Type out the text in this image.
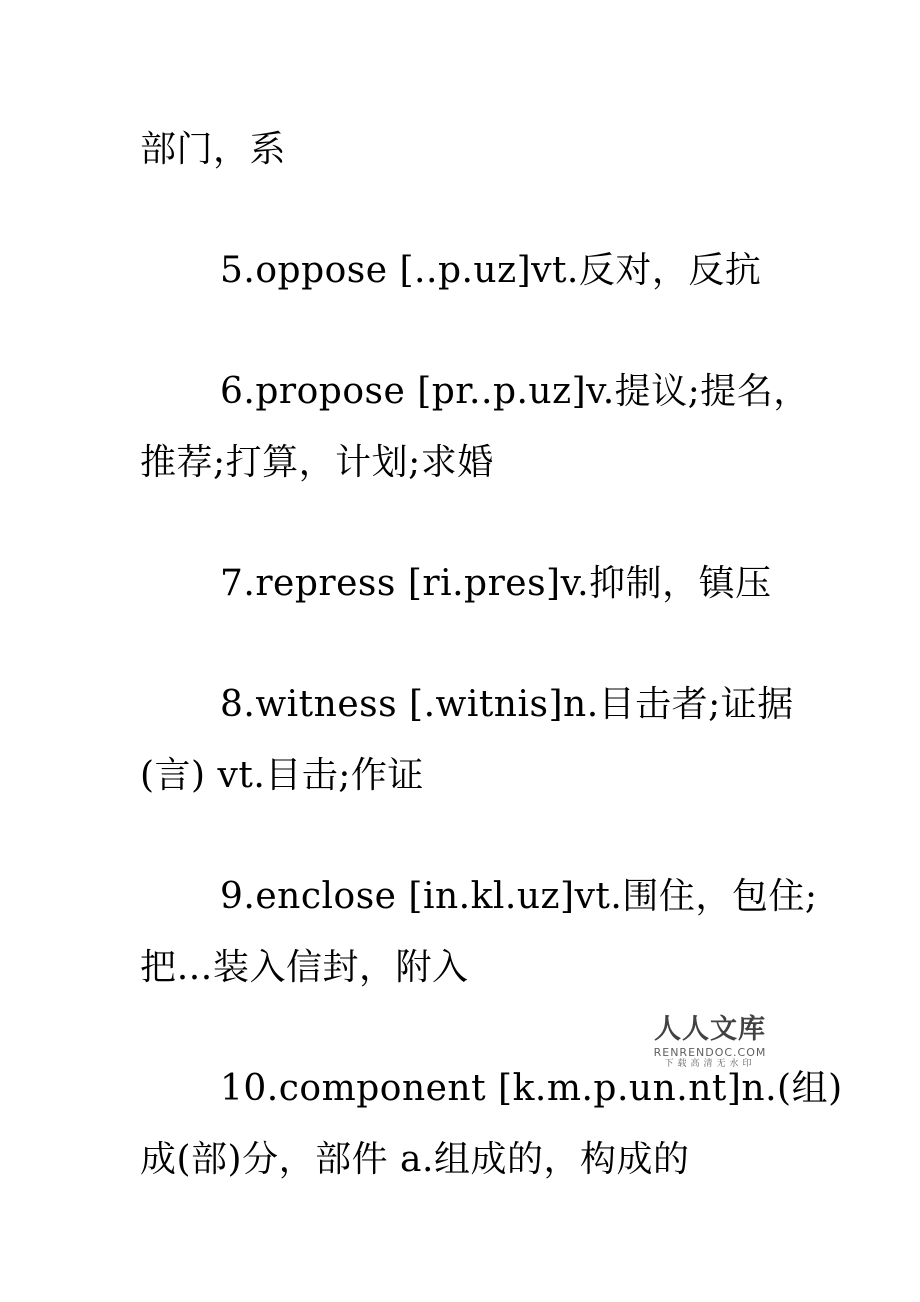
部门，系
5.oppose [..p.uz]vt.反对，反抗
6.propose [pr..p.uz]v.提议;提名，
推荐;打算，计划;求婚
7.repress [ri.pres]v.抑制，镇压
8.witness [.witnis]n.目击者;证据
(言) vt.目击;作证
9.enclose [in.kl.uz]vt.围住，包住;
把…装入信封，附入
10.component [k.m.p.un.nt]n.(组)
成(部)分，部件 a.组成的，构成的
人人文库
RENRENDOC.COM
下载高清无水印
